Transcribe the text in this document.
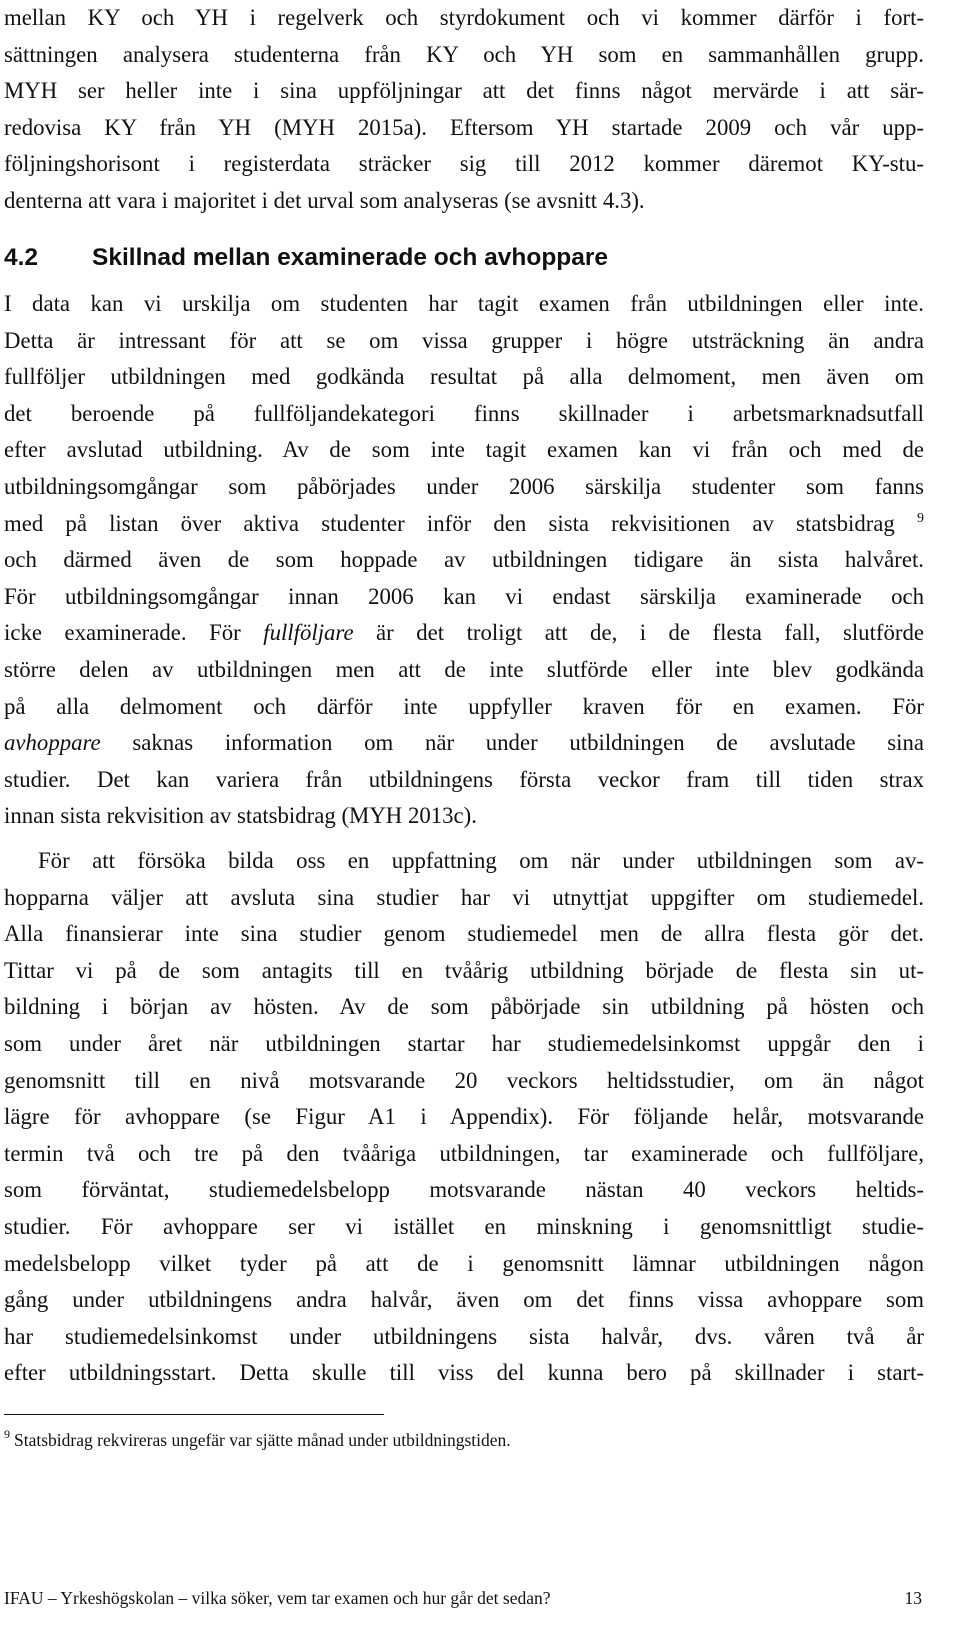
mellan KY och YH i regelverk och styrdokument och vi kommer därför i fort-
sättningen analysera studenterna från KY och YH som en sammanhållen grupp.
MYH ser heller inte i sina uppföljningar att det finns något mervärde i att sär-
redovisa KY från YH (MYH 2015a). Eftersom YH startade 2009 och vår upp-
följningshorisont i registerdata sträcker sig till 2012 kommer däremot KY-stu-
denterna att vara i majoritet i det urval som analyseras (se avsnitt 4.3).
4.2 Skillnad mellan examinerade och avhoppare
I data kan vi urskilja om studenten har tagit examen från utbildningen eller inte.
Detta är intressant för att se om vissa grupper i högre utsträckning än andra
fullföljer utbildningen med godkända resultat på alla delmoment, men även om
det beroende på fullföljandekategori finns skillnader i arbetsmarknadsutfall
efter avslutad utbildning. Av de som inte tagit examen kan vi från och med de
utbildningsomgångar som påbörjades under 2006 särskilja studenter som fanns
med på listan över aktiva studenter inför den sista rekvisitionen av statsbidrag $^9$
och därmed även de som hoppade av utbildningen tidigare än sista halvåret.
För utbildningsomgångar innan 2006 kan vi endast särskilja examinerade och
icke examinerade. För fullföljare är det troligt att de, i de flesta fall, slutförde
större delen av utbildningen men att de inte slutförde eller inte blev godkända
på alla delmoment och därför inte uppfyller kraven för en examen. För
avhoppare saknas information om när under utbildningen de avslutade sina
studier. Det kan variera från utbildningens första veckor fram till tiden strax
innan sista rekvisition av statsbidrag (MYH 2013c).
För att försöka bilda oss en uppfattning om när under utbildningen som av-
hopparna väljer att avsluta sina studier har vi utnyttjat uppgifter om studiemedel.
Alla finansierar inte sina studier genom studiemedel men de allra flesta gör det.
Tittar vi på de som antagits till en tvåårig utbildning började de flesta sin ut-
bildning i början av hösten. Av de som påbörjade sin utbildning på hösten och
som under året när utbildningen startar har studiemedelsinkomst uppgår den i
genomsnitt till en nivå motsvarande 20 veckors heltidsstudier, om än något
lägre för avhoppare (se Figur A1 i Appendix). För följande helår, motsvarande
termin två och tre på den tvååriga utbildningen, tar examinerade och fullföljare,
som förväntat, studiemedelsbelopp motsvarande nästan 40 veckors heltids-
studier. För avhoppare ser vi istället en minskning i genomsnittligt studie-
medelsbelopp vilket tyder på att de i genomsnitt lämnar utbildningen någon
gång under utbildningens andra halvår, även om det finns vissa avhoppare som
har studiemedelsinkomst under utbildningens sista halvår, dvs. våren två år
efter utbildningsstart. Detta skulle till viss del kunna bero på skillnader i start-

$^9$ Statsbidrag rekvireras ungefär var sjätte månad under utbildningstiden.

IFAU – Yrkeshögskolan – vilka söker, vem tar examen och hur går det sedan?	13
